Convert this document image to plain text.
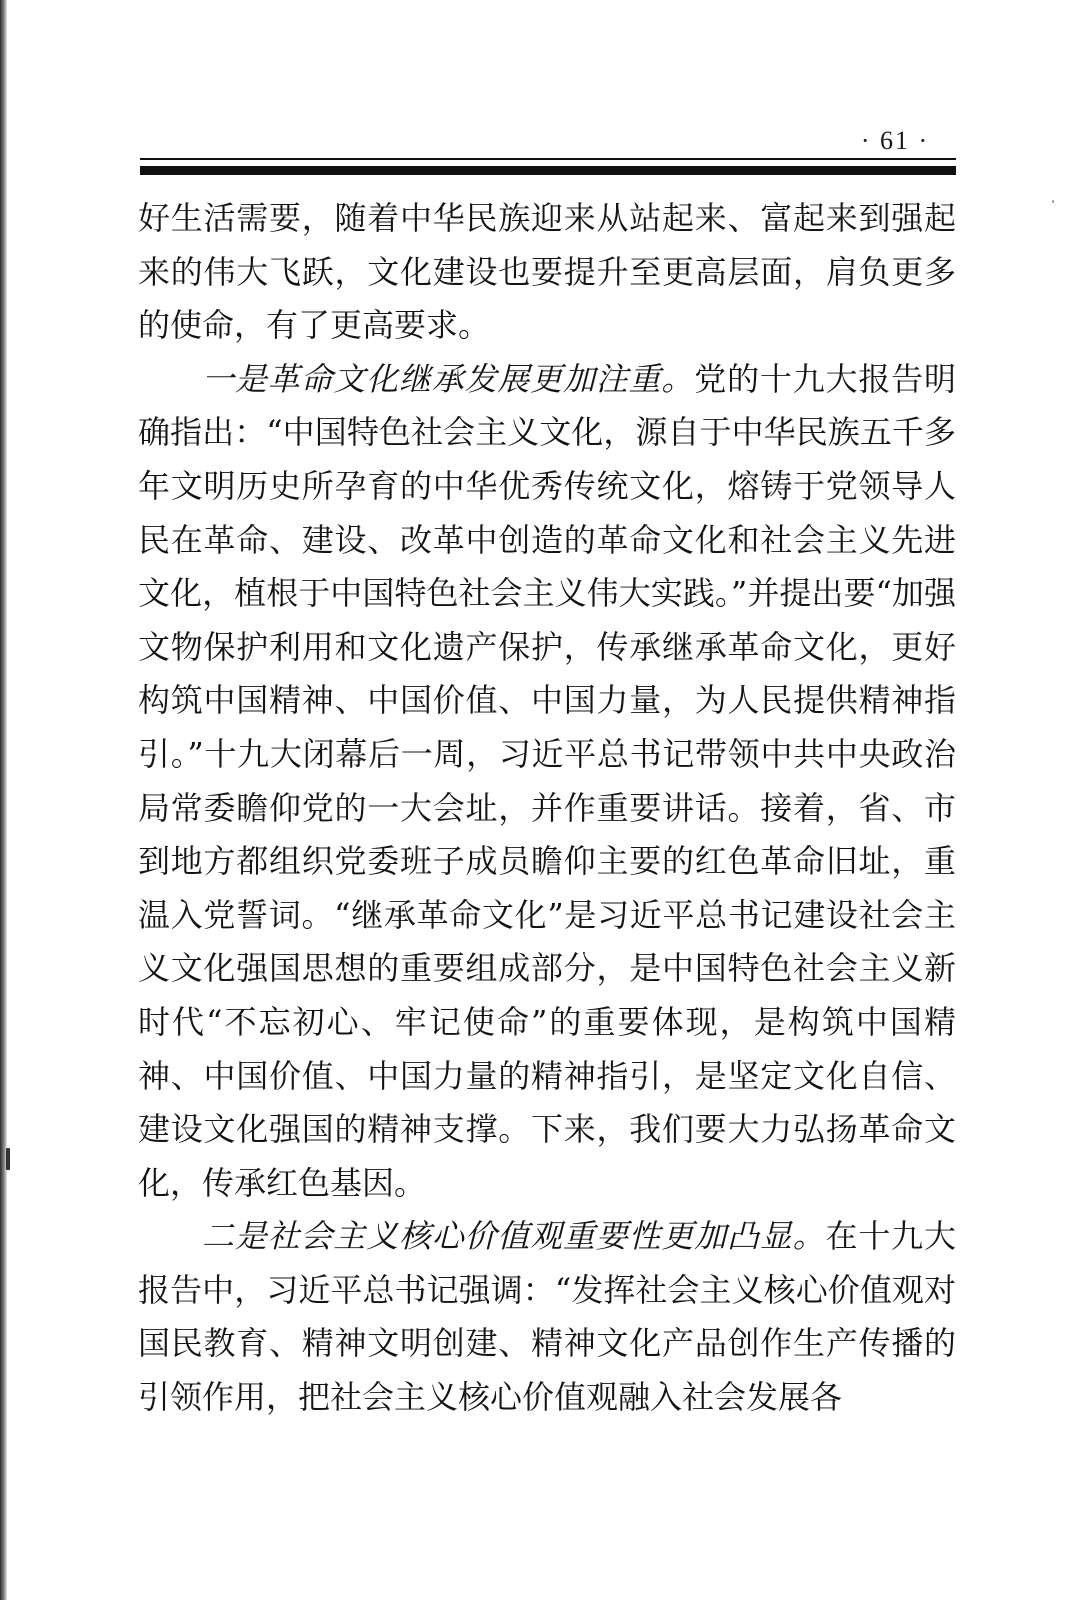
· 61 ·

好生活需要，随着中华民族迎来从站起来、富起来到强起来的伟大飞跃，文化建设也要提升至更高层面，肩负更多的使命，有了更高要求。

一是革命文化继承发展更加注重。党的十九大报告明确指出：“中国特色社会主义文化，源自于中华民族五千多年文明历史所孕育的中华优秀传统文化，熔铸于党领导人民在革命、建设、改革中创造的革命文化和社会主义先进文化，植根于中国特色社会主义伟大实践。”并提出要“加强文物保护利用和文化遗产保护，传承继承革命文化，更好构筑中国精神、中国价值、中国力量，为人民提供精神指引。”十九大闭幕后一周，习近平总书记带领中共中央政治局常委瞻仰党的一大会址，并作重要讲话。接着，省、市到地方都组织党委班子成员瞻仰主要的红色革命旧址，重温入党誓词。“继承革命文化”是习近平总书记建设社会主义文化强国思想的重要组成部分，是中国特色社会主义新时代“不忘初心、牢记使命”的重要体现，是构筑中国精神、中国价值、中国力量的精神指引，是坚定文化自信、建设文化强国的精神支撑。下来，我们要大力弘扬革命文化，传承红色基因。

二是社会主义核心价值观重要性更加凸显。在十九大报告中，习近平总书记强调：“发挥社会主义核心价值观对国民教育、精神文明创建、精神文化产品创作生产传播的引领作用，把社会主义核心价值观融入社会发展各
